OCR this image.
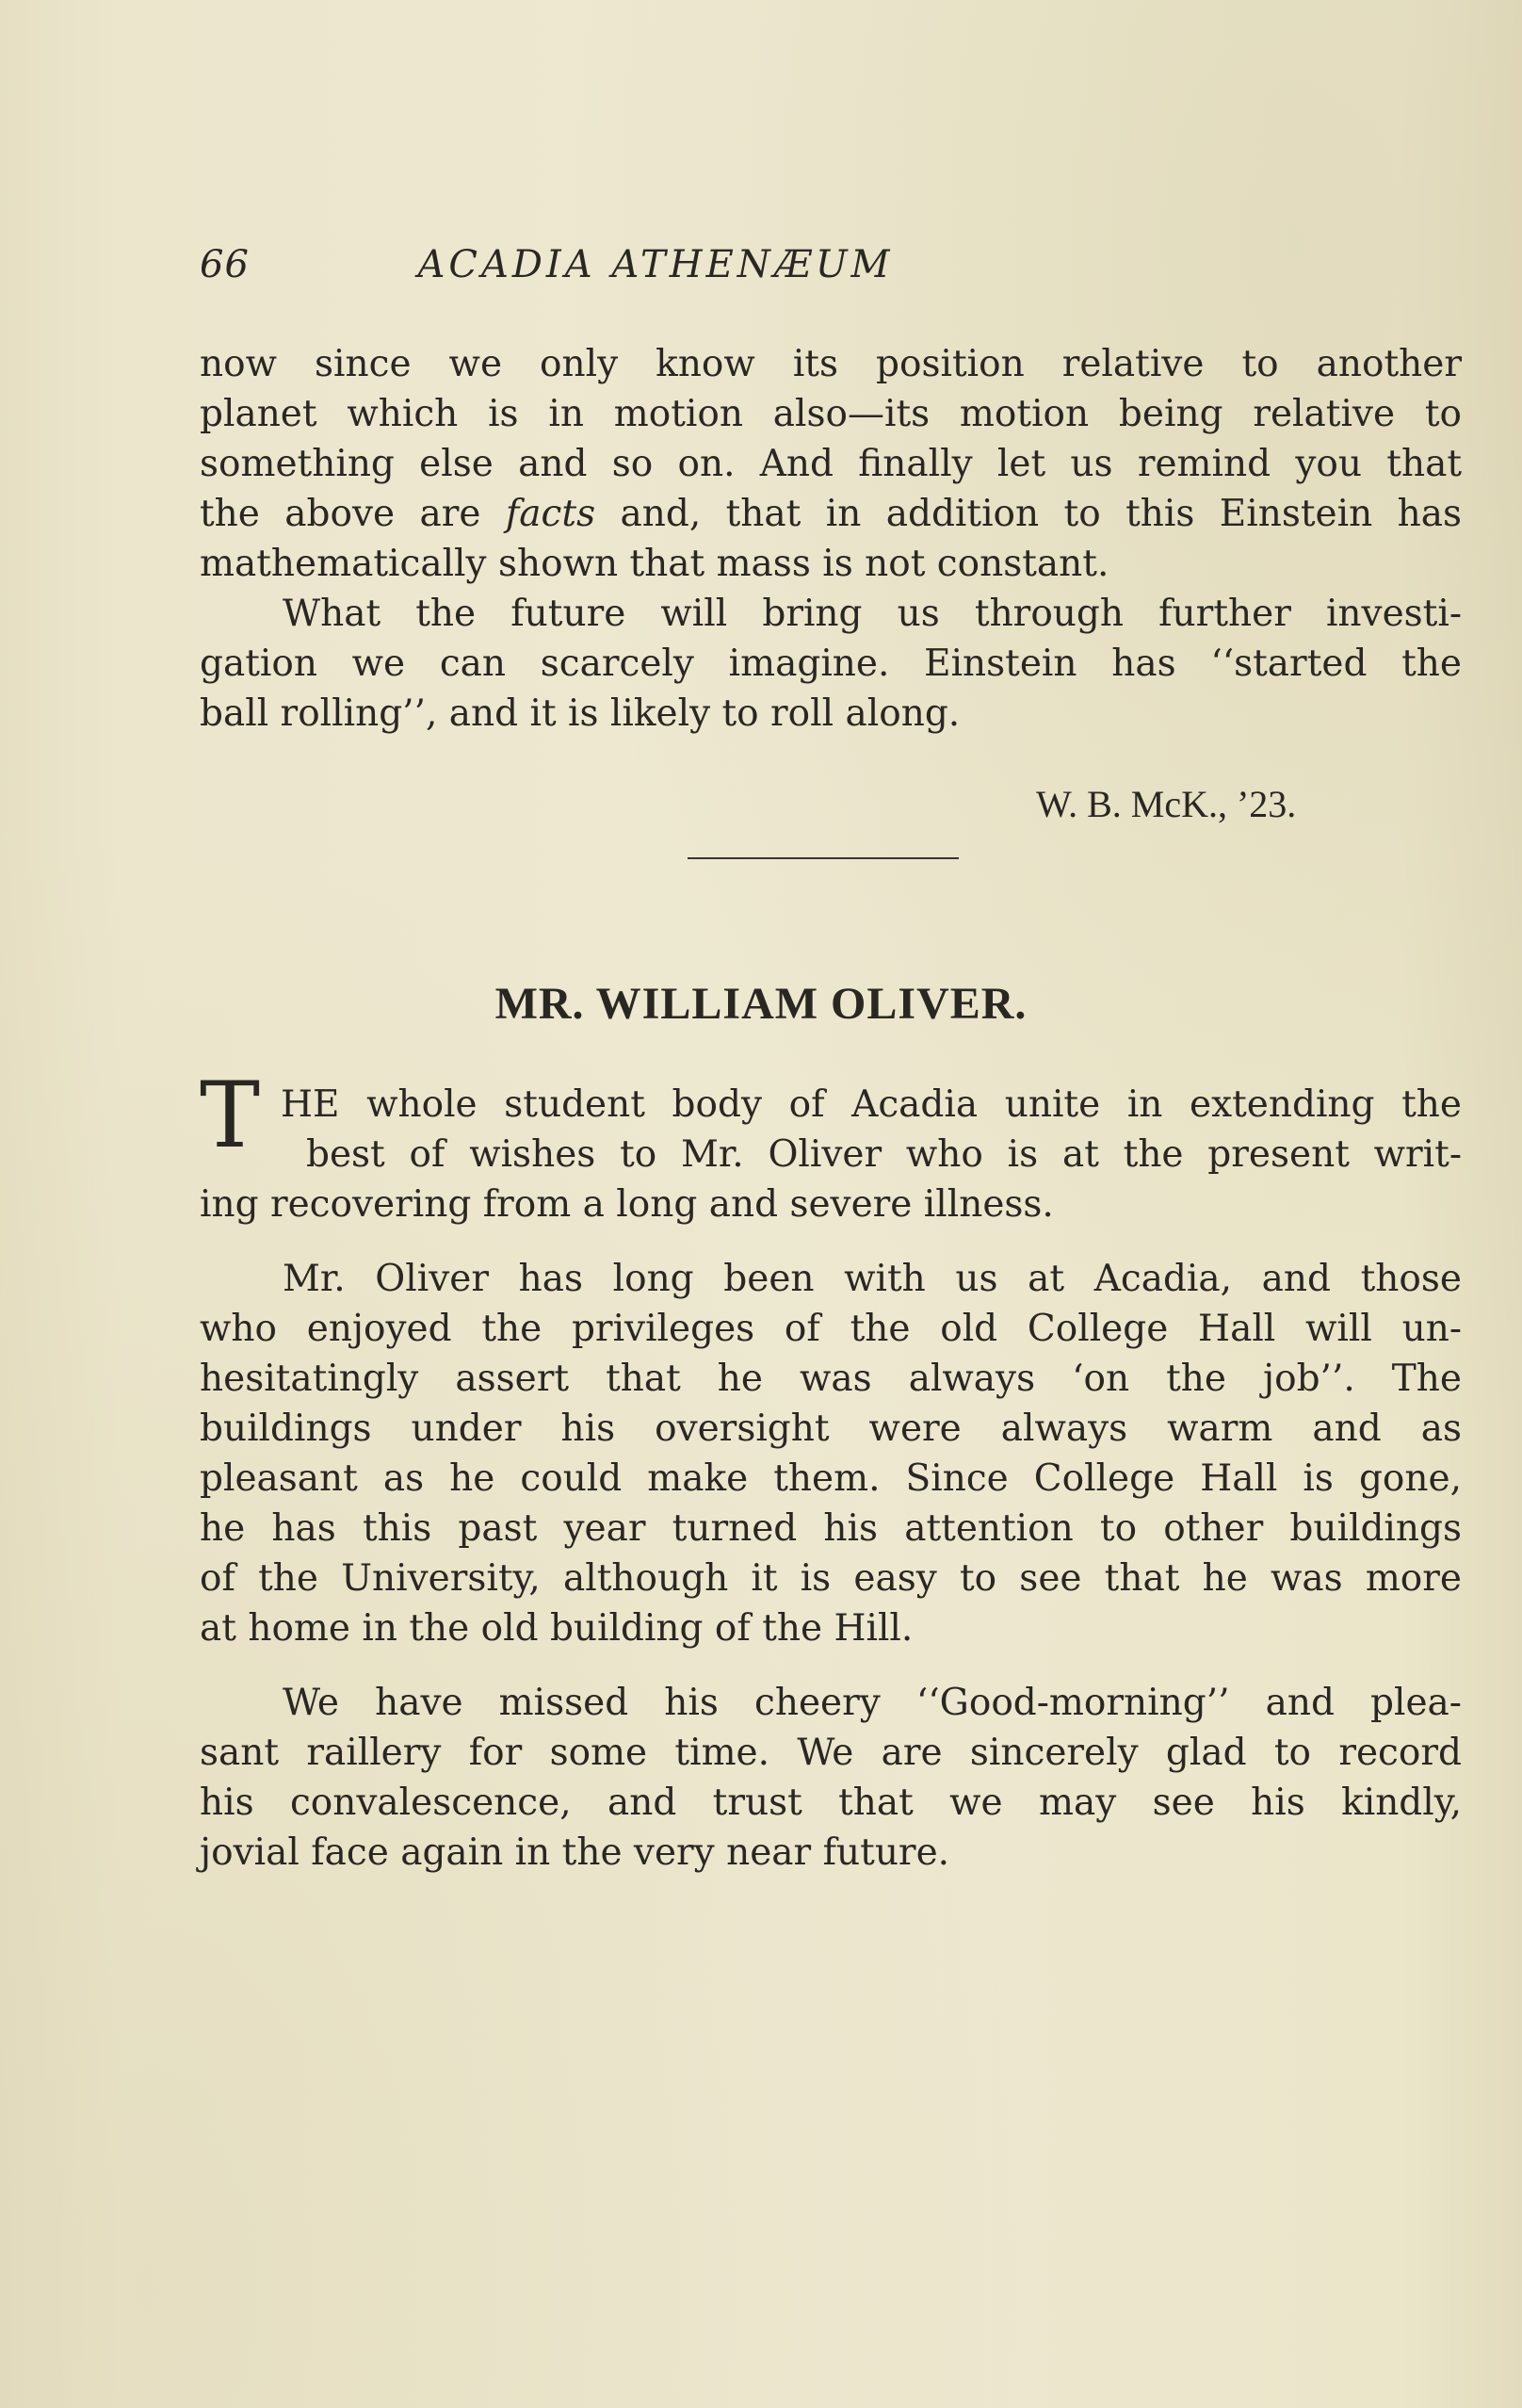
66	ACADIA ATHENÆUM
now since we only know its position relative to another
planet which is in motion also—its motion being relative to
something else and so on. And finally let us remind you that
the above are facts and, that in addition to this Einstein has
mathematically shown that mass is not constant.
What the future will bring us through further investi-
gation we can scarcely imagine. Einstein has ‘‘started the
ball rolling’’, and it is likely to roll along.
W. B. McK., ’23.
MR. WILLIAM OLIVER.
T HE whole student body of Acadia unite in extending the
best of wishes to Mr. Oliver who is at the present writ-
ing recovering from a long and severe illness.
Mr. Oliver has long been with us at Acadia, and those
who enjoyed the privileges of the old College Hall will un-
hesitatingly assert that he was always ‘on the job’’. The
buildings under his oversight were always warm and as
pleasant as he could make them. Since College Hall is gone,
he has this past year turned his attention to other buildings
of the University, although it is easy to see that he was more
at home in the old building of the Hill.
We have missed his cheery ‘‘Good-morning’’ and plea-
sant raillery for some time. We are sincerely glad to record
his convalescence, and trust that we may see his kindly,
jovial face again in the very near future.
